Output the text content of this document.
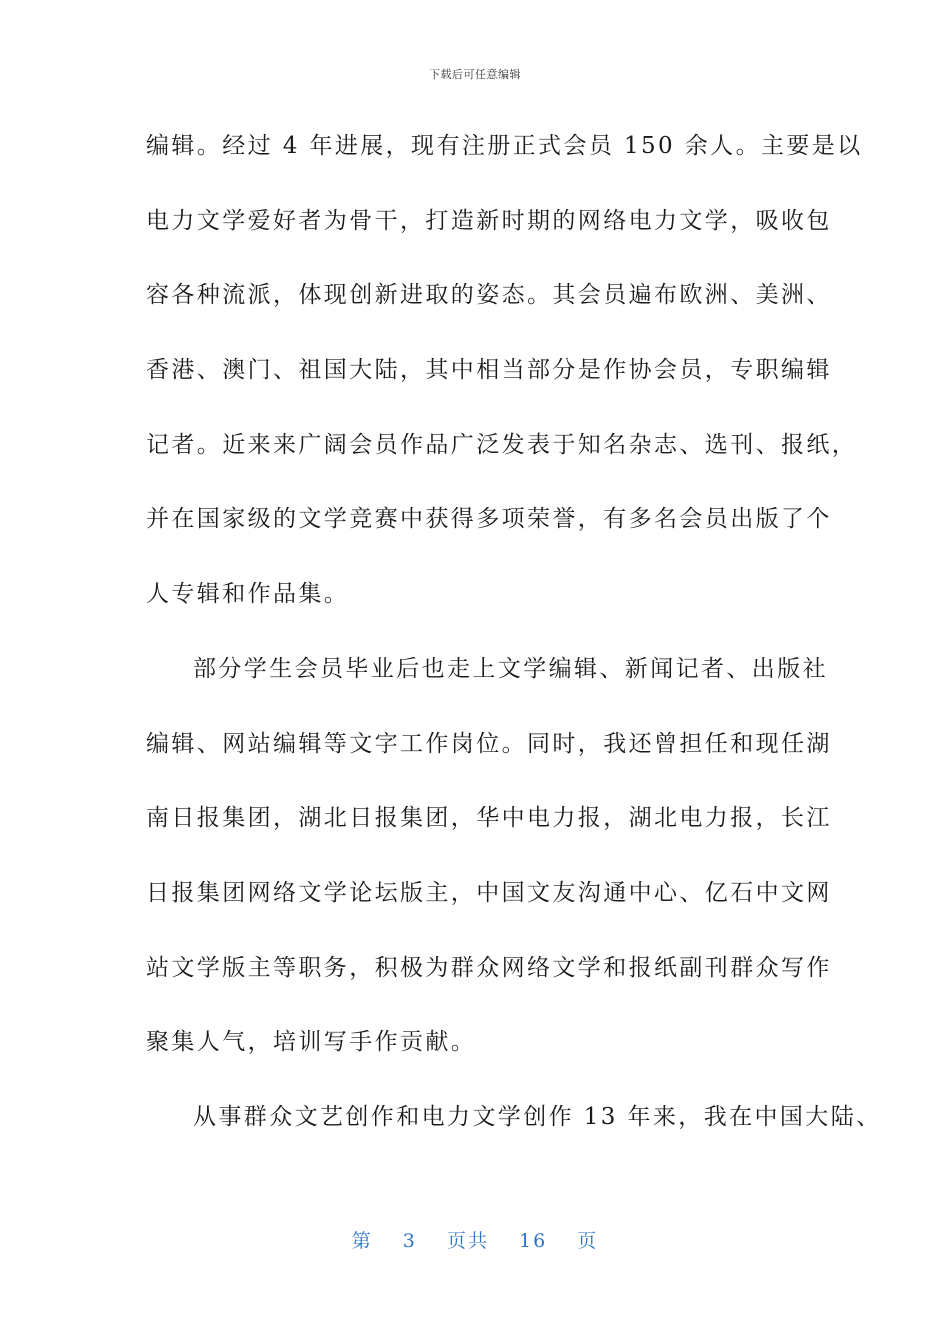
下载后可任意编辑
编辑。经过 4 年进展，现有注册正式会员 150 余人。主要是以
电力文学爱好者为骨干，打造新时期的网络电力文学，吸收包
容各种流派，体现创新进取的姿态。其会员遍布欧洲、美洲、
香港、澳门、祖国大陆，其中相当部分是作协会员，专职编辑
记者。近来来广阔会员作品广泛发表于知名杂志、选刊、报纸，
并在国家级的文学竞赛中获得多项荣誉，有多名会员出版了个
人专辑和作品集。
部分学生会员毕业后也走上文学编辑、新闻记者、出版社
编辑、网站编辑等文字工作岗位。同时，我还曾担任和现任湖
南日报集团，湖北日报集团，华中电力报，湖北电力报，长江
日报集团网络文学论坛版主，中国文友沟通中心、亿石中文网
站文学版主等职务，积极为群众网络文学和报纸副刊群众写作
聚集人气，培训写手作贡献。
从事群众文艺创作和电力文学创作 13 年来，我在中国大陆、
第 3 页共 16 页
